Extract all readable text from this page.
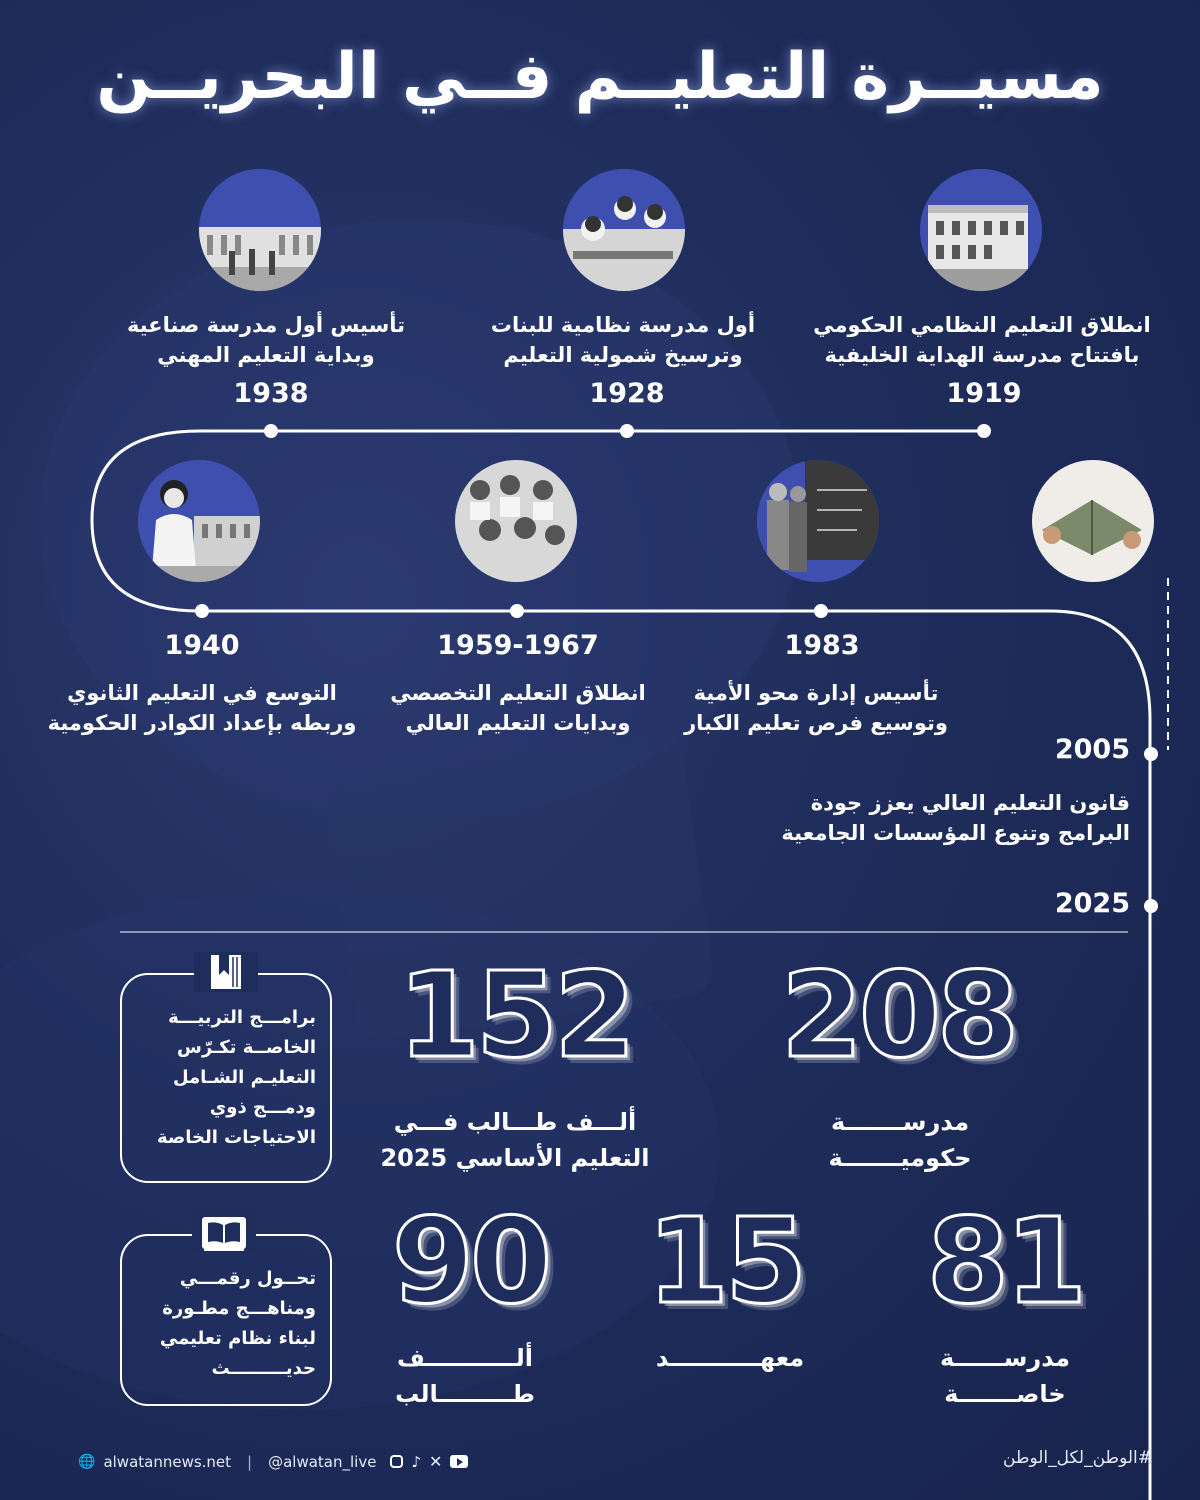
مسيــرة التعليــم فــي البحريــن
انطلاق التعليم النظامي الحكومي
بافتتاح مدرسة الهداية الخليفية
1919
أول مدرسة نظامية للبنات
وترسيخ شمولية التعليم
1928
تأسيس أول مدرسة صناعية
وبداية التعليم المهني
1938
1940
التوسع في التعليم الثانوي
وربطه بإعداد الكوادر الحكومية
1959-1967
انطلاق التعليم التخصصي
وبدايات التعليم العالي
1983
تأسيس إدارة محو الأمية
وتوسيع فرص تعليم الكبار
2005
قانون التعليم العالي يعزز جودة
البرامج وتنوع المؤسسات الجامعية
2025
208
مدرســـــــة
حكوميـــــــة
152
ألـــف طـــالب فـــي
التعليم الأساسي 2025
81
مدرســــــة
خاصـــــــة
15
معهـــــــــــد
90
ألـــــــــــف
طـــــــــالب
برامـــج التربيـــة
الخاصــة تكـرّس
التعليـم الشـامل
ودمـــج ذوي
الاحتياجات الخاصة
تحــول رقمـــي
ومناهـــج مطـورة
لبناء نظام تعليمي
حديـــــــــث
🌐 alwatannews.net | @alwatan_live ♪ ✕	#الوطن_لكل_الوطن
